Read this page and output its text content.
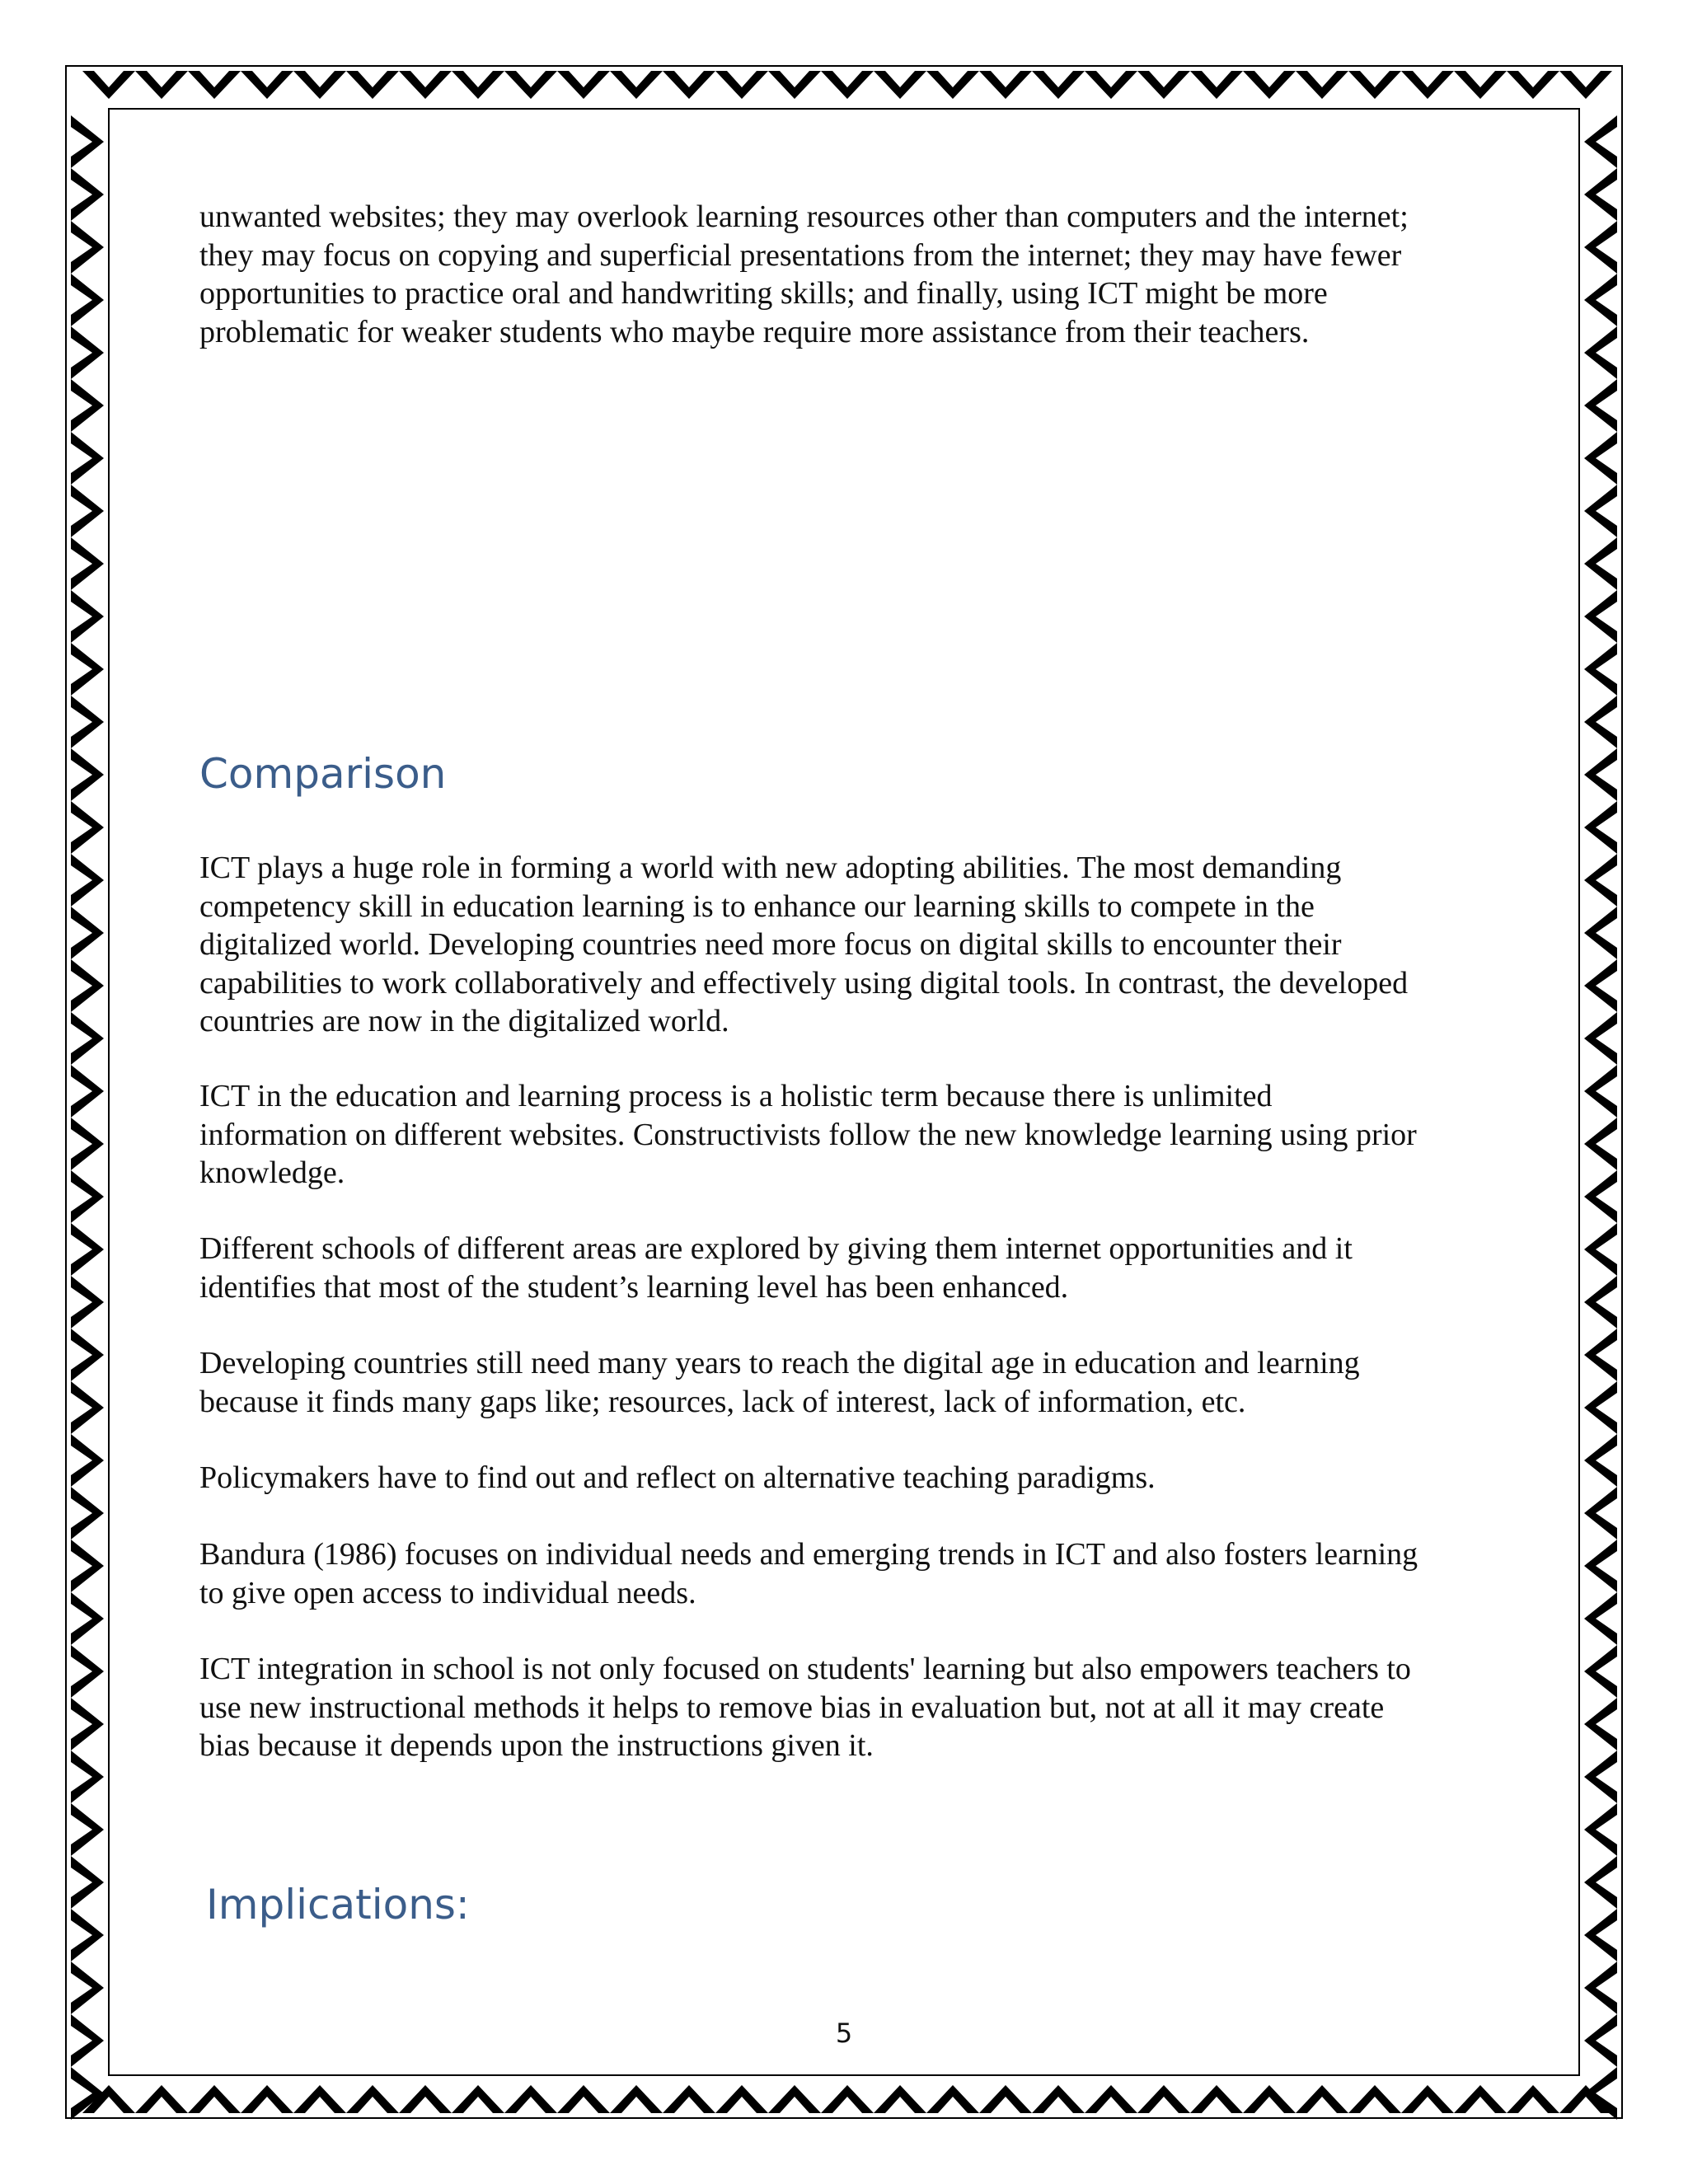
unwanted websites; they may overlook learning resources other than computers and the internet;

they may focus on copying and superficial presentations from the internet; they may have fewer

opportunities to practice oral and handwriting skills; and finally, using ICT might be more

problematic for weaker students who maybe require more assistance from their teachers.

Comparison

ICT plays a huge role in forming a world with new adopting abilities. The most demanding

competency skill in education learning is to enhance our learning skills to compete in the

digitalized world. Developing countries need more focus on digital skills to encounter their

capabilities to work collaboratively and effectively using digital tools. In contrast, the developed

countries are now in the digitalized world.

ICT in the education and learning process is a holistic term because there is unlimited

information on different websites. Constructivists follow the new knowledge learning using prior

knowledge.

Different schools of different areas are explored by giving them internet opportunities and it

identifies that most of the student’s learning level has been enhanced.

Developing countries still need many years to reach the digital age in education and learning

because it finds many gaps like; resources, lack of interest, lack of information, etc.

Policymakers have to find out and reflect on alternative teaching paradigms.

Bandura (1986) focuses on individual needs and emerging trends in ICT and also fosters learning

to give open access to individual needs.

ICT integration in school is not only focused on students' learning but also empowers teachers to

use new instructional methods it helps to remove bias in evaluation but, not at all it may create

bias because it depends upon the instructions given it.

Implications:
5
